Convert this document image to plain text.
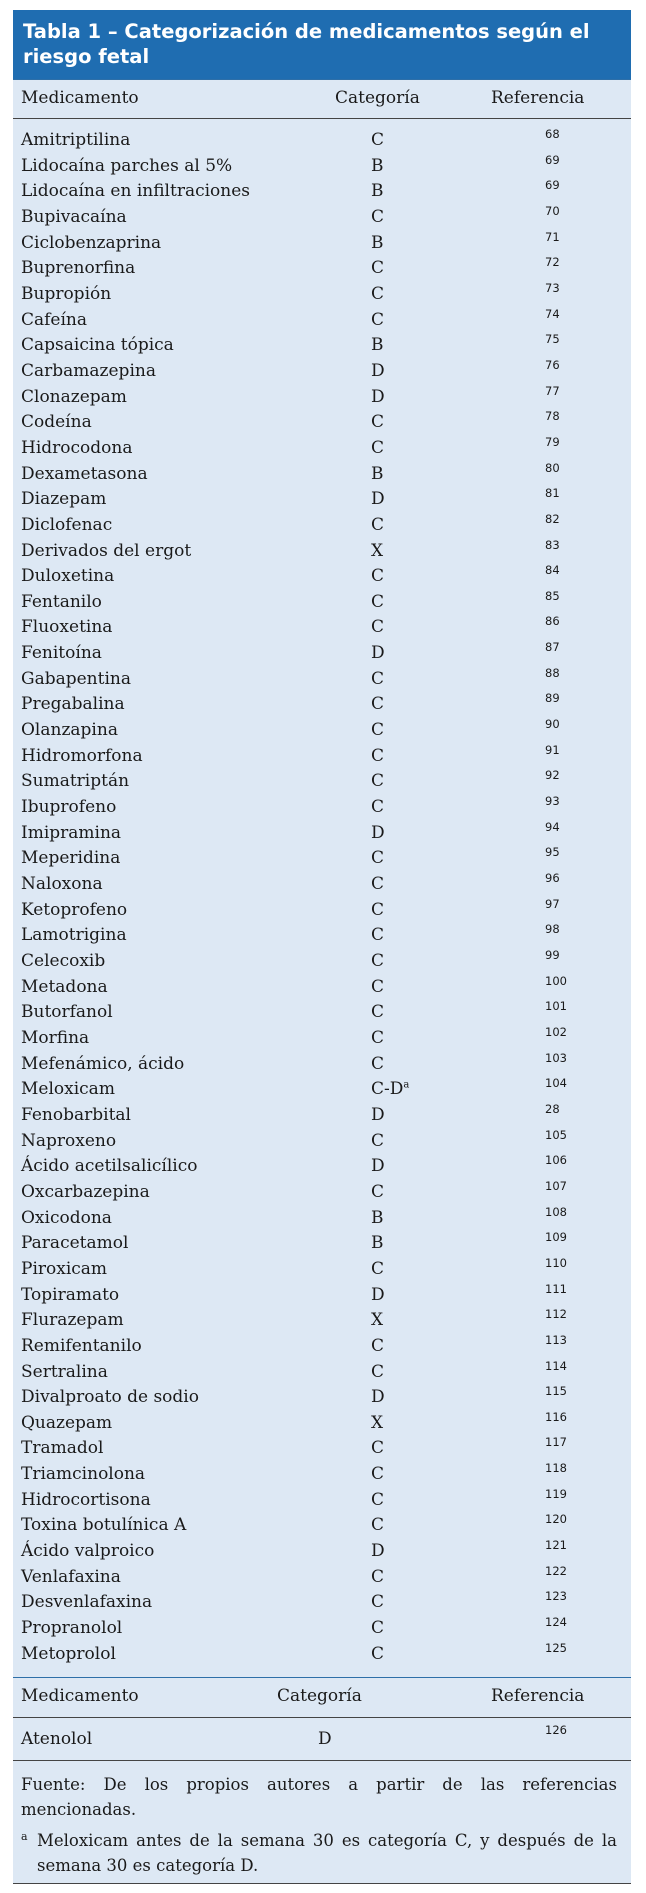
Tabla 1 – Categorización de medicamentos según el riesgo fetal
Medicamento	Categoría	Referencia
Amitriptilina	C	68
Lidocaína parches al 5%	B	69
Lidocaína en infiltraciones	B	69
Bupivacaína	C	70
Ciclobenzaprina	B	71
Buprenorfina	C	72
Bupropión	C	73
Cafeína	C	74
Capsaicina tópica	B	75
Carbamazepina	D	76
Clonazepam	D	77
Codeína	C	78
Hidrocodona	C	79
Dexametasona	B	80
Diazepam	D	81
Diclofenac	C	82
Derivados del ergot	X	83
Duloxetina	C	84
Fentanilo	C	85
Fluoxetina	C	86
Fenitoína	D	87
Gabapentina	C	88
Pregabalina	C	89
Olanzapina	C	90
Hidromorfona	C	91
Sumatriptán	C	92
Ibuprofeno	C	93
Imipramina	D	94
Meperidina	C	95
Naloxona	C	96
Ketoprofeno	C	97
Lamotrigina	C	98
Celecoxib	C	99
Metadona	C	100
Butorfanol	C	101
Morfina	C	102
Mefenámico, ácido	C	103
Meloxicam	C-D$^a$	104
Fenobarbital	D	28
Naproxeno	C	105
Ácido acetilsalicílico	D	106
Oxcarbazepina	C	107
Oxicodona	B	108
Paracetamol	B	109
Piroxicam	C	110
Topiramato	D	111
Flurazepam	X	112
Remifentanilo	C	113
Sertralina	C	114
Divalproato de sodio	D	115
Quazepam	X	116
Tramadol	C	117
Triamcinolona	C	118
Hidrocortisona	C	119
Toxina botulínica A	C	120
Ácido valproico	D	121
Venlafaxina	C	122
Desvenlafaxina	C	123
Propranolol	C	124
Metoprolol	C	125
Medicamento	Categoría	Referencia
Atenolol	D	126
Fuente: De los propios autores a partir de las referencias mencionadas.
a Meloxicam antes de la semana 30 es categoría C, y después de la semana 30 es categoría D.
